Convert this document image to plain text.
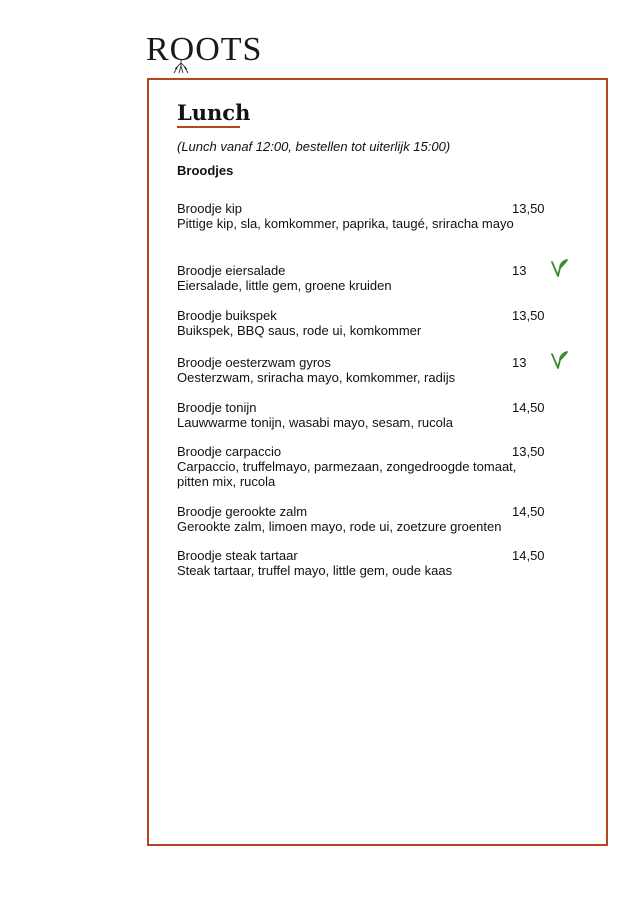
ROOTS
Lunch
(Lunch vanaf 12:00, bestellen tot uiterlijk 15:00)
Broodjes
Broodje kip
Pittige kip, sla, komkommer, paprika, taugé, sriracha mayo
13,50
Broodje eiersalade
Eiersalade, little gem, groene kruiden
13
Broodje buikspek
Buikspek, BBQ saus, rode ui, komkommer
13,50
Broodje oesterzwam gyros
Oesterzwam, sriracha mayo, komkommer, radijs
13
Broodje tonijn
Lauwwarme tonijn, wasabi mayo, sesam, rucola
14,50
Broodje carpaccio
Carpaccio, truffelmayo, parmezaan, zongedroogde tomaat, pitten mix, rucola
13,50
Broodje gerookte zalm
Gerookte zalm, limoen mayo, rode ui, zoetzure groenten
14,50
Broodje steak tartaar
Steak tartaar, truffel mayo, little gem, oude kaas
14,50
